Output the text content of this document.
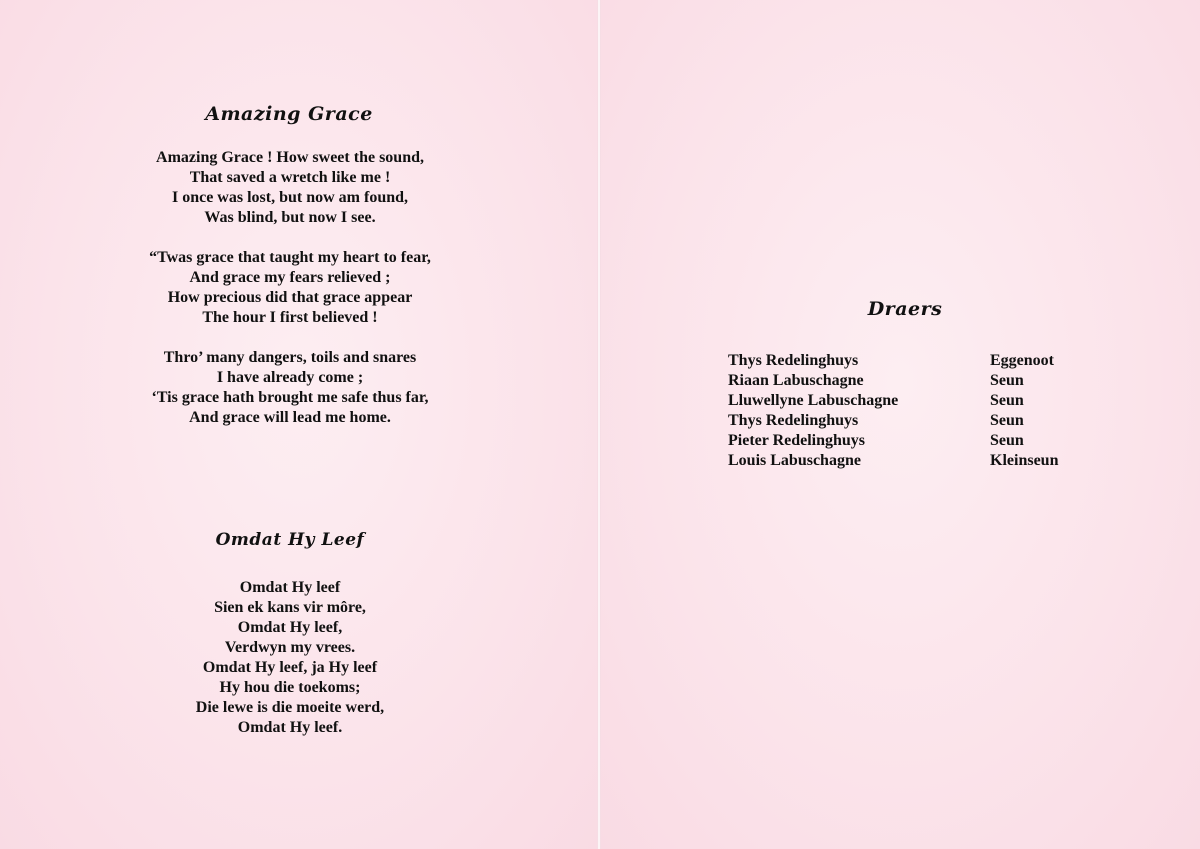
Amazing Grace
Amazing Grace ! How sweet the sound,
That saved a wretch like me !
I once was lost, but now am found,
Was blind, but now I see.
“Twas grace that taught my heart to fear,
And grace my fears relieved ;
How precious did that grace appear
The hour I first believed !
Thro’ many dangers, toils and snares
I have already come ;
‘Tis grace hath brought me safe thus far,
And grace will lead me home.
Omdat Hy Leef
Omdat Hy leef
Sien ek kans vir môre,
Omdat Hy leef,
Verdwyn my vrees.
Omdat Hy leef, ja Hy leef
Hy hou die toekoms;
Die lewe is die moeite werd,
Omdat Hy leef.
Draers
Thys Redelinghuys	Eggenoot
Riaan Labuschagne	Seun
Lluwellyne Labuschagne	Seun
Thys Redelinghuys	Seun
Pieter Redelinghuys	Seun
Louis Labuschagne	Kleinseun
